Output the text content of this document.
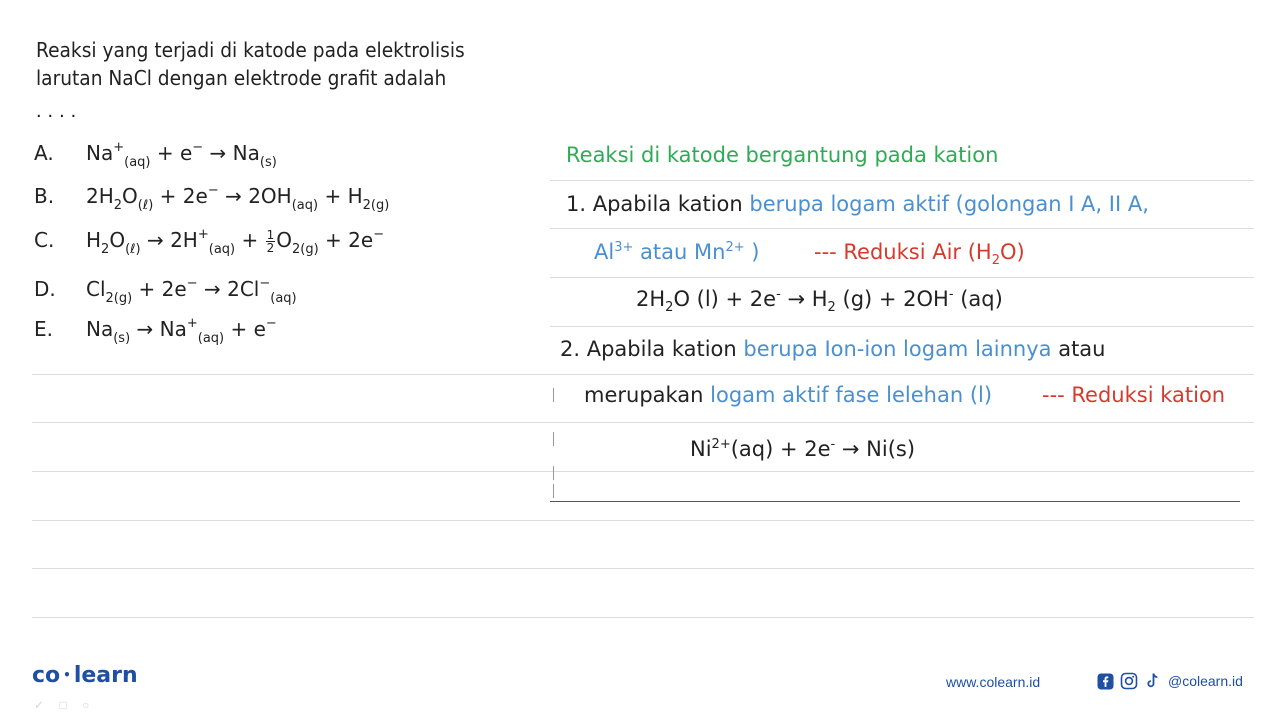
Reaksi yang terjadi di katode pada elektrolisis
larutan NaCl dengan elektrode grafit adalah
....
A. $Na^+_{(aq)} + e^- \to Na_{(s)}$
B. $2H_2O_{(\ell)} + 2e^- \to 2OH_{(aq)} + H_{2(g)}$
C. $H_2O_{(\ell)} \to 2H^+_{(aq)} + \frac{1}{2} O_{2(g)} + 2e^-$
D. $Cl_{2(g)} + 2e^- \to 2Cl^-_{(aq)}$
E. $Na_{(s)} \to Na^+_{(aq)} + e^-$
Reaksi di katode bergantung pada kation
1. Apabila kation berupa logam aktif (golongan I A, II A,
$Al^{3+}$ atau $Mn^{2+}$ )	--- Reduksi Air $(H_2O)$
$2H_2O$ $(l) + 2e^- \to H_2$ (g) + 2OH- (aq)
2. Apabila kation berupa Ion-ion logam lainnya atau
merupakan logam aktif fase lelehan (l) --- Reduksi kation
$Ni^{2+}(aq) + 2e^- \to Ni(s)$
co • learn
✓ □ ○
www.colearn.id	@colearn.id
